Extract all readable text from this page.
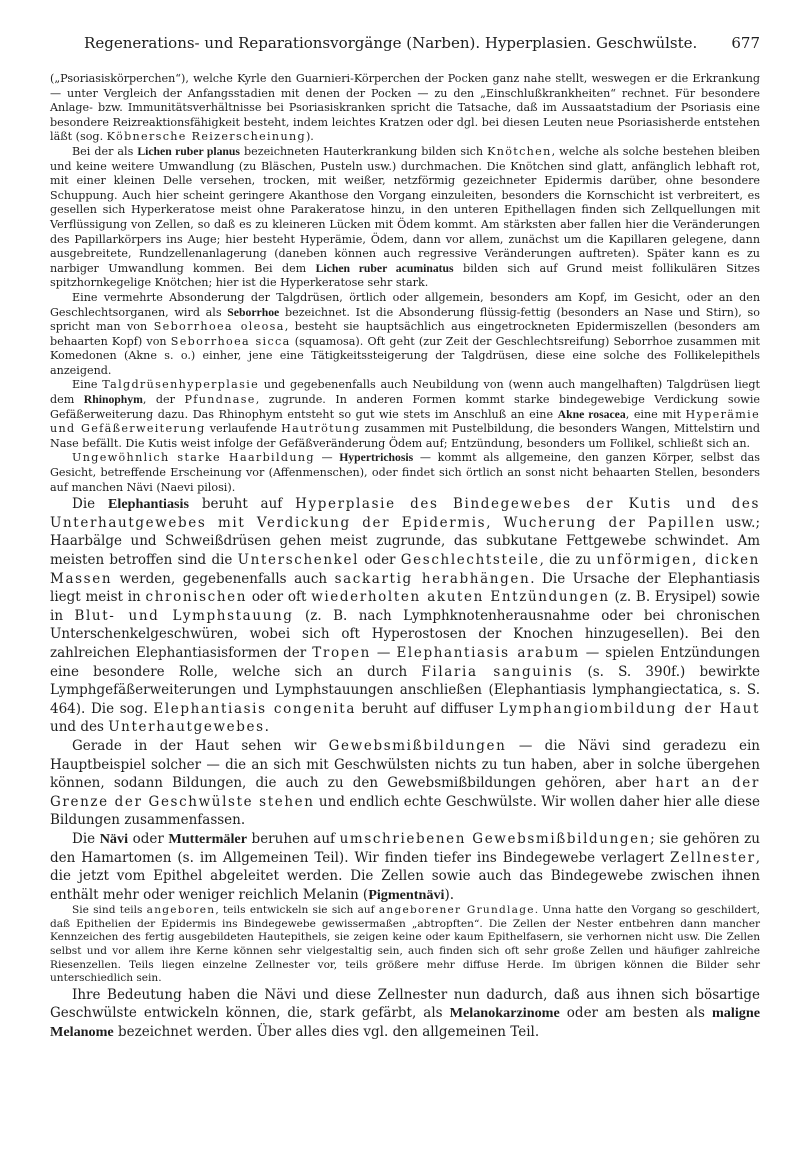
Regenerations- und Reparationsvorgänge (Narben). Hyperplasien. Geschwülste.	677

(„Psoriasiskörperchen“), welche Kyrle den Guarnieri-Körperchen der Pocken ganz nahe stellt, weswegen er die Erkrankung — unter Vergleich der Anfangsstadien mit denen der Pocken — zu den „Einschlußkrankheiten“ rechnet. Für besondere Anlage- bzw. Immunitätsverhältnisse bei Psoriasiskranken spricht die Tatsache, daß im Aussaatstadium der Psoriasis eine besondere Reizreaktionsfähigkeit besteht, indem leichtes Kratzen oder dgl. bei diesen Leuten neue Psoriasisherde entstehen läßt (sog. Köbnersche Reizerscheinung).

Bei der als Lichen ruber planus bezeichneten Hauterkrankung bilden sich Knötchen, welche als solche bestehen bleiben und keine weitere Umwandlung (zu Bläschen, Pusteln usw.) durchmachen. Die Knötchen sind glatt, anfänglich lebhaft rot, mit einer kleinen Delle versehen, trocken, mit weißer, netzförmig gezeichneter Epidermis darüber, ohne besondere Schuppung. Auch hier scheint geringere Akanthose den Vorgang einzuleiten, besonders die Kornschicht ist verbreitert, es gesellen sich Hyperkeratose meist ohne Parakeratose hinzu, in den unteren Epithellagen finden sich Zellquellungen mit Verflüssigung von Zellen, so daß es zu kleineren Lücken mit Ödem kommt. Am stärksten aber fallen hier die Veränderungen des Papillarkörpers ins Auge; hier besteht Hyperämie, Ödem, dann vor allem, zunächst um die Kapillaren gelegene, dann ausgebreitete, Rundzellenanlagerung (daneben können auch regressive Veränderungen auftreten). Später kann es zu narbiger Umwandlung kommen. Bei dem Lichen ruber acuminatus bilden sich auf Grund meist follikulären Sitzes spitzhornkegelige Knötchen; hier ist die Hyperkeratose sehr stark.

Eine vermehrte Absonderung der Talgdrüsen, örtlich oder allgemein, besonders am Kopf, im Gesicht, oder an den Geschlechtsorganen, wird als Seborrhoe bezeichnet. Ist die Absonderung flüssig-fettig (besonders an Nase und Stirn), so spricht man von Seborrhoea oleosa, besteht sie hauptsächlich aus eingetrockneten Epidermiszellen (besonders am behaarten Kopf) von Seborrhoea sicca (squamosa). Oft geht (zur Zeit der Geschlechtsreifung) Seborrhoe zusammen mit Komedonen (Akne s. o.) einher, jene eine Tätigkeitssteigerung der Talgdrüsen, diese eine solche des Follikelepithels anzeigend.

Eine Talgdrüsenhyperplasie und gegebenenfalls auch Neubildung von (wenn auch mangelhaften) Talgdrüsen liegt dem Rhinophym, der Pfundnase, zugrunde. In anderen Formen kommt starke bindegewebige Verdickung sowie Gefäßerweiterung dazu. Das Rhinophym entsteht so gut wie stets im Anschluß an eine Akne rosacea, eine mit Hyperämie und Gefäßerweiterung verlaufende Hautrötung zusammen mit Pustelbildung, die besonders Wangen, Mittelstirn und Nase befällt. Die Kutis weist infolge der Gefäßveränderung Ödem auf; Entzündung, besonders um Follikel, schließt sich an.

Ungewöhnlich starke Haarbildung — Hypertrichosis — kommt als allgemeine, den ganzen Körper, selbst das Gesicht, betreffende Erscheinung vor (Affenmenschen), oder findet sich örtlich an sonst nicht behaarten Stellen, besonders auf manchen Nävi (Naevi pilosi).

Die Elephantiasis beruht auf Hyperplasie des Bindegewebes der Kutis und des Unterhautgewebes mit Verdickung der Epidermis, Wucherung der Papillen usw.; Haarbälge und Schweißdrüsen gehen meist zugrunde, das subkutane Fettgewebe schwindet. Am meisten betroffen sind die Unterschenkel oder Geschlechtsteile, die zu unförmigen, dicken Massen werden, gegebenenfalls auch sackartig herabhängen. Die Ursache der Elephantiasis liegt meist in chronischen oder oft wiederholten akuten Entzündungen (z. B. Erysipel) sowie in Blut- und Lymphstauung (z. B. nach Lymphknotenherausnahme oder bei chronischen Unterschenkelgeschwüren, wobei sich oft Hyperostosen der Knochen hinzugesellen). Bei den zahlreichen Elephantiasisformen der Tropen — Elephantiasis arabum — spielen Entzündungen eine besondere Rolle, welche sich an durch Filaria sanguinis (s. S. 390f.) bewirkte Lymphgefäßerweiterungen und Lymphstauungen anschließen (Elephantiasis lymphangiectatica, s. S. 464). Die sog. Elephantiasis congenita beruht auf diffuser Lymphangiombildung der Haut und des Unterhautgewebes.

Gerade in der Haut sehen wir Gewebsmißbildungen — die Nävi sind geradezu ein Hauptbeispiel solcher — die an sich mit Geschwülsten nichts zu tun haben, aber in solche übergehen können, sodann Bildungen, die auch zu den Gewebsmißbildungen gehören, aber hart an der Grenze der Geschwülste stehen und endlich echte Geschwülste. Wir wollen daher hier alle diese Bildungen zusammenfassen.

Die Nävi oder Muttermäler beruhen auf umschriebenen Gewebsmißbildungen; sie gehören zu den Hamartomen (s. im Allgemeinen Teil). Wir finden tiefer ins Bindegewebe verlagert Zellnester, die jetzt vom Epithel abgeleitet werden. Die Zellen sowie auch das Bindegewebe zwischen ihnen enthält mehr oder weniger reichlich Melanin (Pigmentnävi).

Sie sind teils angeboren, teils entwickeln sie sich auf angeborener Grundlage. Unna hatte den Vorgang so geschildert, daß Epithelien der Epidermis ins Bindegewebe gewissermaßen „abtropften“. Die Zellen der Nester entbehren dann mancher Kennzeichen des fertig ausgebildeten Hautepithels, sie zeigen keine oder kaum Epithelfasern, sie verhornen nicht usw. Die Zellen selbst und vor allem ihre Kerne können sehr vielgestaltig sein, auch finden sich oft sehr große Zellen und häufiger zahlreiche Riesenzellen. Teils liegen einzelne Zellnester vor, teils größere mehr diffuse Herde. Im übrigen können die Bilder sehr unterschiedlich sein.

Ihre Bedeutung haben die Nävi und diese Zellnester nun dadurch, daß aus ihnen sich bösartige Geschwülste entwickeln können, die, stark gefärbt, als Melanokarzinome oder am besten als maligne Melanome bezeichnet werden. Über alles dies vgl. den allgemeinen Teil.
